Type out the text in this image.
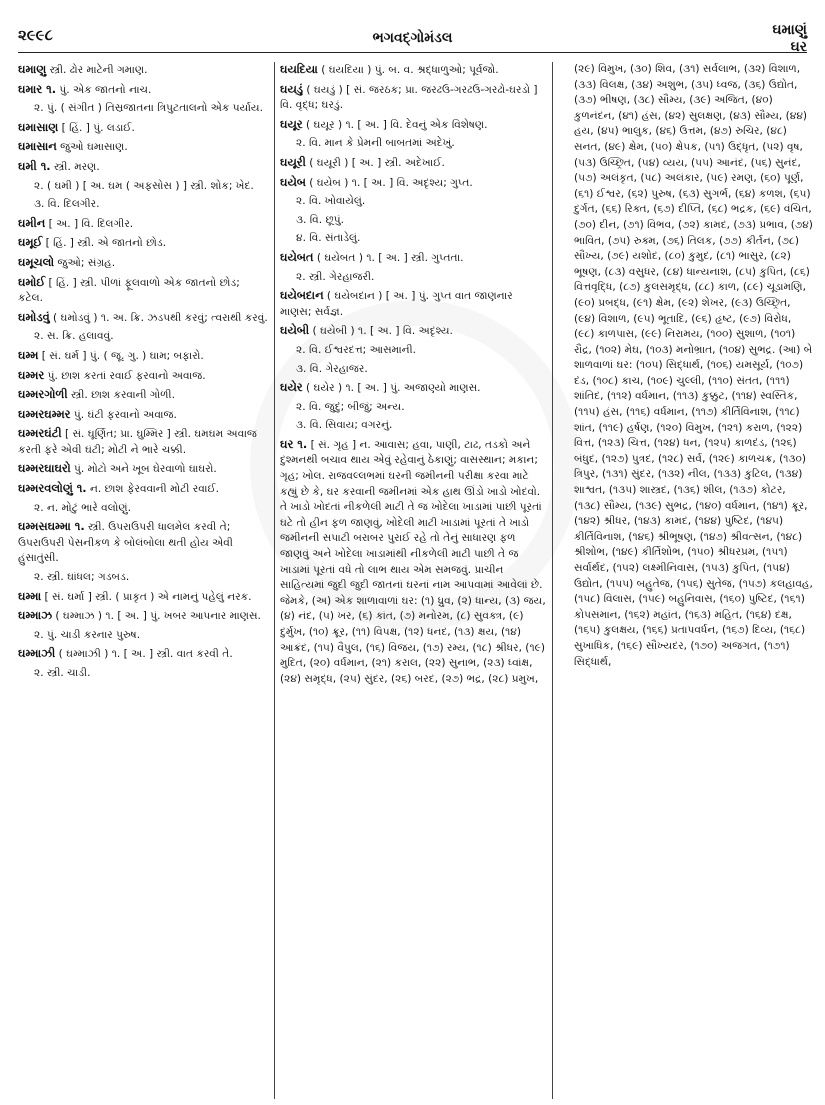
૨૯૯૮	ભગવદ્ગોમંડલ	ઘમાણું
ઘર

ઘમાણુ સ્ત્રી. ઢોર માટેની ગમાણ.

ઘમાર ૧. પું. એક જાતનો નાચ.

૨. પું. ( સંગીત ) તિસ્રજાતના ત્રિપુટતાલનો એક પર્યાય.

ઘમાસાણ [ હિં. ] પું. લડાઈ.

ઘમાસાન જુઓ ઘમાસાણ.

ઘમી ૧. સ્ત્રી. મરણ.

૨. ( ઘમી ) [ અ. ઘમ ( અફસોસ ) ] સ્ત્રી. શોક; ખેદ.

૩. વિ. દિલગીર.

ઘમીન [ અ. ] વિ. દિલગીર.

ઘમૂઈ [ હિં. ] સ્ત્રી. એ જાતનો છોડ.

ઘમૂચલો જુઓ; સંગ્રહ.

ઘમોઈ [ હિં. ] સ્ત્રી. પીળાં ફૂલવાળો એક જાતનો છોડ; કટેલ.

ઘમોડવું ( ઘમોડવું ) ૧. અ. ક્રિ. ઝડપથી કરવું; ત્વરાથી કરવું.

૨. સ. ક્રિ. હલાવવું.

ઘમ્મ [ સં. ઘર્મ ] પું. ( જૂ. ગુ. ) ઘામ; બફારો.

ઘમ્મર પું. છાશ કરતાં રવાઈ ફરવાનો અવાજ.

ઘમ્મરગોળી સ્ત્રી. છાશ કરવાની ગોળી.

ઘમ્મરઘમ્મર પું. ઘંટી ફરવાનો અવાજ.

ઘમ્મરઘંટી [ સં. ઘૂર્ણિત; પ્રા. ઘુમ્મિર ] સ્ત્રી. ઘમઘમ અવાજ કરતી ફરે એવી ઘંટી; મોટી ને ભારે ચક્કી.

ઘમ્મરઘાઘરો પું. મોટો અને ખૂબ ઘેરવાળો ઘાઘરો.

ઘમ્મરવલોણું ૧. ન. છાશ ફેરવવાની મોટી રવાઈ.

૨. ન. મોટું ભારે વલોણું.

ઘમ્મસઘમ્મા ૧. સ્ત્રી. ઉપરાઉપરી ધાલમેલ કરવી તે; ઉપરાઉપરી પેસનીકળ કે બોલંબોલા થતી હોય એવી હુંસાતુંસી.

૨. સ્ત્રી. ઘાંધલ; ગડબડ.

ઘમ્મા [ સં. ઘર્મા ] સ્ત્રી. ( પ્રાકૃત ) એ નામનું પહેલું નરક.

ઘમ્માઝ ( ઘમ્માઝ ) ૧. [ અ. ] પું. ખબર આપનાર માણસ.

૨. પું. ચાડી કરનાર પુરુષ.

ઘમ્માઝી ( ઘમ્માઝી ) ૧. [ અ. ] સ્ત્રી. વાત કરવી તે.

૨. સ્ત્રી. ચાડી.

ઘયદિયા ( ઘયદિયા ) પું. બ. વ. શ્રદ્ધાળુઓ; પૂર્વજો.

ઘયડું ( ઘયડું ) [ સં. જરઠક; પ્રા. જરઢઉ-ગરઢઉ-ગરઢો-ઘરડો ] વિ. વૃદ્ધ; ઘરડું.

ઘયૂર ( ઘયૂર ) ૧. [ અ. ] વિ. દેવનું એક વિશેષણ.

૨. વિ. માન કે પ્રેમની બાબતમાં અદેખું.

ઘયૂરી ( ઘયૂરી ) [ અ. ] સ્ત્રી. અદેખાઈ.

ઘયેબ ( ઘયેબ ) ૧. [ અ. ] વિ. અદૃશ્ય; ગુપ્ત.

૨. વિ. ખોવાયેલું.

૩. વિ. છૂપું.

૪. વિ. સંતાડેલું.

ઘયેબત ( ઘયેબત ) ૧. [ અ. ] સ્ત્રી. ગુપ્તતા.

૨. સ્ત્રી. ગેરહાજરી.

ઘયેબદાન ( ઘયેબદાન ) [ અ. ] પું. ગુપ્ત વાત જાણનાર માણસ; સર્વજ્ઞ.

ઘયેબી ( ઘયેબી ) ૧. [ અ. ] વિ. અદૃશ્ય.

૨. વિ. ઈશ્વરદત્ત; આસમાની.

૩. વિ. ગેરહાજર.

ઘયેર ( ઘયેર ) ૧. [ અ. ] પું. અજાણ્યો માણસ.

૨. વિ. જુદું; બીજું; અન્ય.

૩. વિ. સિવાય; વગરનું.

ઘર ૧. [ સં. ગૃહ ] ન. આવાસ; હવા, પાણી, ટાઢ, તડકો અને દુશ્મનથી બચાવ થાય એવું રહેવાનું ઠેકાણું; વાસસ્થાન; મકાન; ગૃહ; ખોલ. રાજવલ્લભમાં ઘરની જમીનની પરીક્ષા કરવા માટે કહ્યું છે કે, ઘર કરવાની જમીનમાં એક હાથ ઊંડો ખાડો ખોદવો. તે ખાડો ખોદતાં નીકળેલી માટી તે જ ખોદેલા ખાડામાં પાછી પૂરતાં ઘટે તો હીન ફળ જાણવું, ખોદેલી માટી ખાડામાં પૂરતાં તે ખાડો જમીનની સપાટી બરાબર પુરાઈ રહે તો તેનું સાધારણ ફળ જાણવું અને ખોદેલા ખાડામાંથી નીકળેલી માટી પાછી તે જ ખાડામાં પૂરતાં વધે તો લાભ થાય એમ સમજવું. પ્રાચીન સાહિત્યમાં જુદી જુદી જાતનાં ઘરનાં નામ આપવામાં આવેલાં છે. જેમકે, (અ) એક શાળાવાળાં ઘર: (૧) ધ્રુવ, (૨) ધાન્ય, (૩) જય, (૪) નંદ, (૫) ખર, (૬) કાંત, (૭) મનોરમ, (૮) સુવક્ત્ર, (૯) દુર્મુખ, (૧૦) ક્રૂર, (૧૧) વિપક્ષ, (૧૨) ધનદ, (૧૩) ક્ષય, (૧૪) આક્રંદ, (૧૫) વૈપુલ, (૧૬) વિજય, (૧૭) રમ્ય, (૧૮) શ્રીધર, (૧૯) મુદિત, (૨૦) વર્ધમાન, (૨૧) કરાલ, (૨૨) સુનાભ, (૨૩) ધ્વાંક્ષ, (૨૪) સમૃદ્ધ, (૨૫) સુંદર, (૨૬) બરદ, (૨૭) ભદ્ર, (૨૮) પ્રમુખ,

(૨૯) વિમુખ, (૩૦) શિવ, (૩૧) સર્વલાભ, (૩૨) વિશાળ, (૩૩) વિલક્ષ, (૩૪) અશુભ, (૩૫) ધ્વજ, (૩૬) ઉદ્યોત, (૩૭) ભીષણ, (૩૮) સૌમ્ય, (૩૯) અજિત, (૪૦) કુળનંદન, (૪૧) હંસ, (૪૨) સુલક્ષણ, (૪૩) સૌમ્ય, (૪૪) હય, (૪૫) ભાલુક, (૪૬) ઉત્તમ, (૪૭) રુચિર, (૪૮) સનત, (૪૯) ક્ષેમ, (૫૦) ક્ષેપક, (૫૧) ઉદ્ધૃત, (૫૨) વૃષ, (૫૩) ઉચ્છ્રિત, (૫૪) વ્યય, (૫૫) આનંદ, (૫૬) સુનંદ, (૫૭) અલંકૃત, (૫૮) અલંકાર, (૫૯) રમણ, (૬૦) પૂર્ણ, (૬૧) ઈશ્વર, (૬૨) પુરુષ, (૬૩) સુગર્ભ, (૬૪) કળશ, (૬૫) દુર્ગત, (૬૬) રિક્ત, (૬૭) દીપ્તિ, (૬૮) ભદ્રક, (૬૯) વંચિત, (૭૦) દીન, (૭૧) વિભવ, (૭૨) કામદ, (૭૩) પ્રભાવ, (૭૪) ભાવિત, (૭૫) રુક્મ, (૭૬) તિલક, (૭૭) કીર્તન, (૭૮) સૌખ્ય, (૭૯) યશોદ, (૮૦) કુમુદ, (૮૧) ભાસુર, (૮૨) ભૂષણ, (૮૩) વસુધર, (૮૪) ધાન્યનાશ, (૮૫) કુપિત, (૮૬) વિત્તવૃદ્ધિ, (૮૭) કુલસમૃદ્ધ, (૮૮) કાળ, (૮૯) ચૂડામણિ, (૯૦) પ્રબદ્ધ, (૯૧) ક્ષેમ, (૯૨) શેખર, (૯૩) ઉચ્છ્રિત, (૯૪) વિશાળ, (૯૫) ભૂતાદિ, (૯૬) હૃષ્ટ, (૯૭) વિરોધ, (૯૮) કાળપાસ, (૯૯) નિરામય, (૧૦૦) સુશાળ, (૧૦૧) રૌદ્ર, (૧૦૨) મેઘ, (૧૦૩) મનોભ્રાત, (૧૦૪) સુભદ્ર. (આ) બે શાળવાળાં ઘર: (૧૦૫) સિદ્ધાર્થ, (૧૦૬) યમસૂર્ય, (૧૦૭) દંડ, (૧૦૮) કાચ, (૧૦૯) ચુલ્લી, (૧૧૦) સંતત, (૧૧૧) શાંતિદ, (૧૧૨) વર્ધમાન, (૧૧૩) કુક્કુટ, (૧૧૪) સ્વસ્તિક, (૧૧૫) હંસ, (૧૧૬) વર્ધમાન, (૧૧૭) કીર્તિવિનાશ, (૧૧૮) શાંત, (૧૧૯) હર્ષણ, (૧૨૦) વિમુખ, (૧૨૧) કરાળ, (૧૨૨) વિત્ત, (૧૨૩) ચિત્ત, (૧૨૪) ધન, (૧૨૫) કાળદંડ, (૧૨૬) બંધુદ, (૧૨૭) પુત્રદ, (૧૨૮) સર્વ, (૧૨૯) કાળચક્ર, (૧૩૦) ત્રિપુર, (૧૩૧) સુંદર, (૧૩૨) નીલ, (૧૩૩) કુટિલ, (૧૩૪) શાશ્વત, (૧૩૫) શાસ્ત્રદ, (૧૩૬) શીલ, (૧૩૭) કોટર, (૧૩૮) સૌમ્ય, (૧૩૯) સુભદ્ર, (૧૪૦) વર્ધમાન, (૧૪૧) ક્રૂર, (૧૪૨) શ્રીધર, (૧૪૩) કામદ, (૧૪૪) પુષ્ટિદ, (૧૪૫) કીર્તિવિનાશ, (૧૪૬) શ્રીભૂષણ, (૧૪૭) શ્રીવત્સન, (૧૪૮) શ્રીશોભ, (૧૪૯) કીર્તિશોભ, (૧૫૦) શ્રીધરપ્રમ, (૧૫૧) સર્વાર્થદ, (૧૫૨) લક્ષ્મીનિવાસ, (૧૫૩) કુપિત, (૧૫૪) ઉદ્યોત, (૧૫૫) બહુતેજ, (૧૫૬) સુતેજ, (૧૫૭) કલહાવહ, (૧૫૮) વિલાસ, (૧૫૯) બહુનિવાસ, (૧૬૦) પુષ્ટિદ, (૧૬૧) કોપસમાન, (૧૬૨) મહાંત, (૧૬૩) મહિત, (૧૬૪) દક્ષ, (૧૬૫) કુલક્ષય, (૧૬૬) પ્રતાપવર્ધન, (૧૬૭) દિવ્ય, (૧૬૮) સુખાધિક, (૧૬૯) સૌખ્યદર, (૧૭૦) અજગત, (૧૭૧) સિદ્ધાર્થ,
